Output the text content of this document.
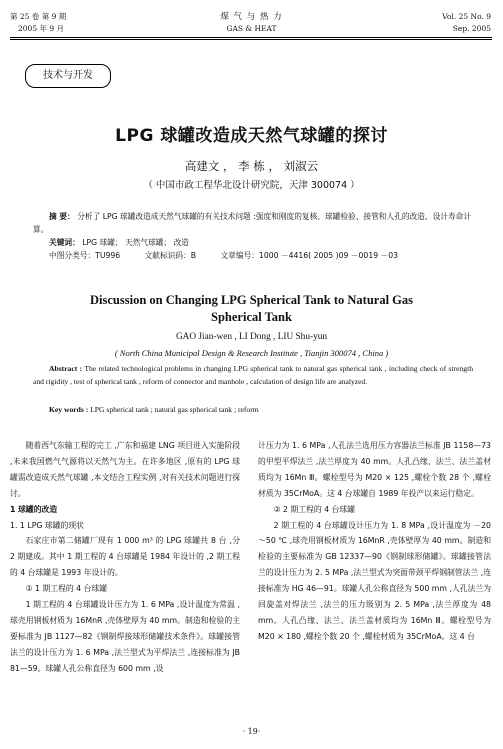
第 25 卷 第 9 期
2005 年 9 月
煤 气 与 热 力
GAS & HEAT
Vol. 25 No. 9
Sep. 2005
技术与开发
LPG 球罐改造成天然气球罐的探讨
高建文 ， 李 栋 ， 刘淑云
（ 中国市政工程华北设计研究院，天津 300074 ）
摘 要： 分析了 LPG 球罐改造成天然气球罐的有关技术问题 :强度和刚度的复核、球罐检验、接管和人孔的改造、设计寿命计算。
关键词： LPG 球罐； 天然气球罐； 改造
中图分类号：TU996	文献标识码：B	文章编号：1000 －4416( 2005 )09 －0019 －03
Discussion on Changing LPG Spherical Tank to Natural Gas
Spherical Tank
GAO Jian-wen , LI Dong , LIU Shu-yun
( North China Municipal Design & Research Institute , Tianjin 300074 , China )
Abstract : The related technological problems in changing LPG spherical tank to natural gas spherical tank , including check of strength and rigidity , test of spherical tank , reform of connector and manhole , calculation of design life are analyzed.
Key words : LPG spherical tank ; natural gas spherical tank ; reform

随着西气东输工程的完工 ,广东和福建 LNG 项目进入实施阶段 ,未来我国燃气气源将以天然气为主。在许多地区 ,原有的 LPG 球罐需改造成天然气球罐 ,本文结合工程实例 ,对有关技术问题进行探讨。

1 球罐的改造

1. 1 LPG 球罐的现状

石家庄市第二储罐厂现有 1 000 m³ 的 LPG 球罐共 8 台 ,分 2 期建成。其中 1 期工程的 4 台球罐是 1984 年设计的 ,2 期工程的 4 台球罐是 1993 年设计的。

① 1 期工程的 4 台球罐

1 期工程的 4 台球罐设计压力为 1. 6 MPa ,设计温度为常温 ,球壳用钢板材质为 16MnR ,壳体壁厚为 40 mm。制造和检验的主要标准为 JB 1127—82《钢制焊接球形储罐技术条件》。球罐接管法兰的设计压力为 1. 6 MPa ,法兰型式为平焊法兰 ,连接标准为 JB 81—59。球罐人孔公称直径为 600 mm ,设

计压力为 1. 6 MPa ,人孔法兰选用压力容器法兰标准 JB 1158—73 的甲型平焊法兰 ,法兰厚度为 40 mm。人孔凸缘、法兰、法兰盖材质均为 16Mn Ⅲ。螺栓型号为 M20 × 125 ,螺栓个数 28 个 ,螺栓材质为 35CrMoA。这 4 台球罐自 1989 年投产以来运行稳定。

② 2 期工程的 4 台球罐

2 期工程的 4 台球罐设计压力为 1. 8 MPa ,设计温度为 －20 ～50 ℃ ,球壳用钢板材质为 16MnR ,壳体壁厚为 40 mm。制造和检验的主要标准为 GB 12337—90《钢制球形储罐》。球罐接管法兰的设计压力为 2. 5 MPa ,法兰型式为突面带颈平焊钢制管法兰 ,连接标准为 HG 46—91。球罐人孔公称直径为 500 mm ,人孔法兰为回旋盖对焊法兰 ,法兰的压力级别为 2. 5 MPa ,法兰厚度为 48 mm。人孔凸缘、法兰、法兰盖材质均为 16Mn Ⅲ。螺栓型号为 M20 × 180 ,螺栓个数 20 个 ,螺栓材质为 35CrMoA。这 4 台

· 19·
